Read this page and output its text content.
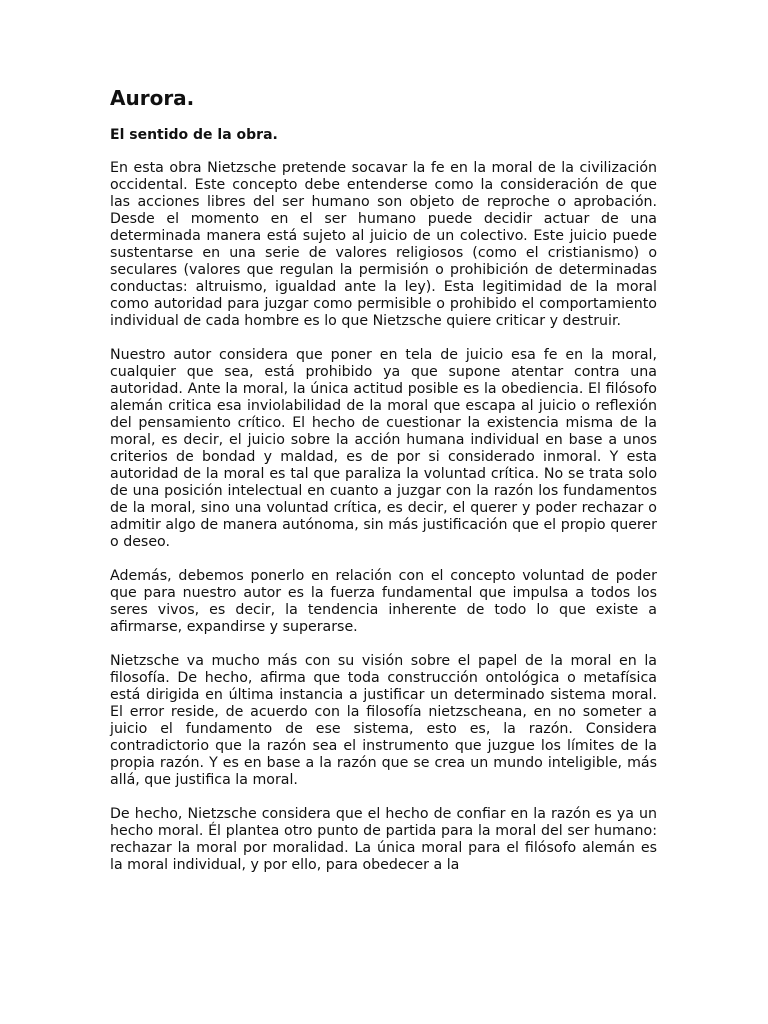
Aurora.
El sentido de la obra.

En esta obra Nietzsche pretende socavar la fe en la moral de la civilización occidental. Este concepto debe entenderse como la consideración de que las acciones libres del ser humano son objeto de reproche o aprobación. Desde el momento en el ser humano puede decidir actuar de una determinada manera está sujeto al juicio de un colectivo. Este juicio puede sustentarse en una serie de valores religiosos (como el cristianismo) o seculares (valores que regulan la permisión o prohibición de determinadas conductas: altruismo, igualdad ante la ley). Esta legitimidad de la moral como autoridad para juzgar como permisible o prohibido el comportamiento individual de cada hombre es lo que Nietzsche quiere criticar y destruir.

Nuestro autor considera que poner en tela de juicio esa fe en la moral, cualquier que sea, está prohibido ya que supone atentar contra una autoridad. Ante la moral, la única actitud posible es la obediencia. El filósofo alemán critica esa inviolabilidad de la moral que escapa al juicio o reflexión del pensamiento crítico. El hecho de cuestionar la existencia misma de la moral, es decir, el juicio sobre la acción humana individual en base a unos criterios de bondad y maldad, es de por si considerado inmoral. Y esta autoridad de la moral es tal que paraliza la voluntad crítica. No se trata solo de una posición intelectual en cuanto a juzgar con la razón los fundamentos de la moral, sino una voluntad crítica, es decir, el querer y poder rechazar o admitir algo de manera autónoma, sin más justificación que el propio querer o deseo.

Además, debemos ponerlo en relación con el concepto voluntad de poder que para nuestro autor es la fuerza fundamental que impulsa a todos los seres vivos, es decir, la tendencia inherente de todo lo que existe a afirmarse, expandirse y superarse.

Nietzsche va mucho más con su visión sobre el papel de la moral en la filosofía. De hecho, afirma que toda construcción ontológica o metafísica está dirigida en última instancia a justificar un determinado sistema moral. El error reside, de acuerdo con la filosofía nietzscheana, en no someter a juicio el fundamento de ese sistema, esto es, la razón. Considera contradictorio que la razón sea el instrumento que juzgue los límites de la propia razón. Y es en base a la razón que se crea un mundo inteligible, más allá, que justifica la moral.

De hecho, Nietzsche considera que el hecho de confiar en la razón es ya un hecho moral. Él plantea otro punto de partida para la moral del ser humano: rechazar la moral por moralidad. La única moral para el filósofo alemán es la moral individual, y por ello, para obedecer a la
